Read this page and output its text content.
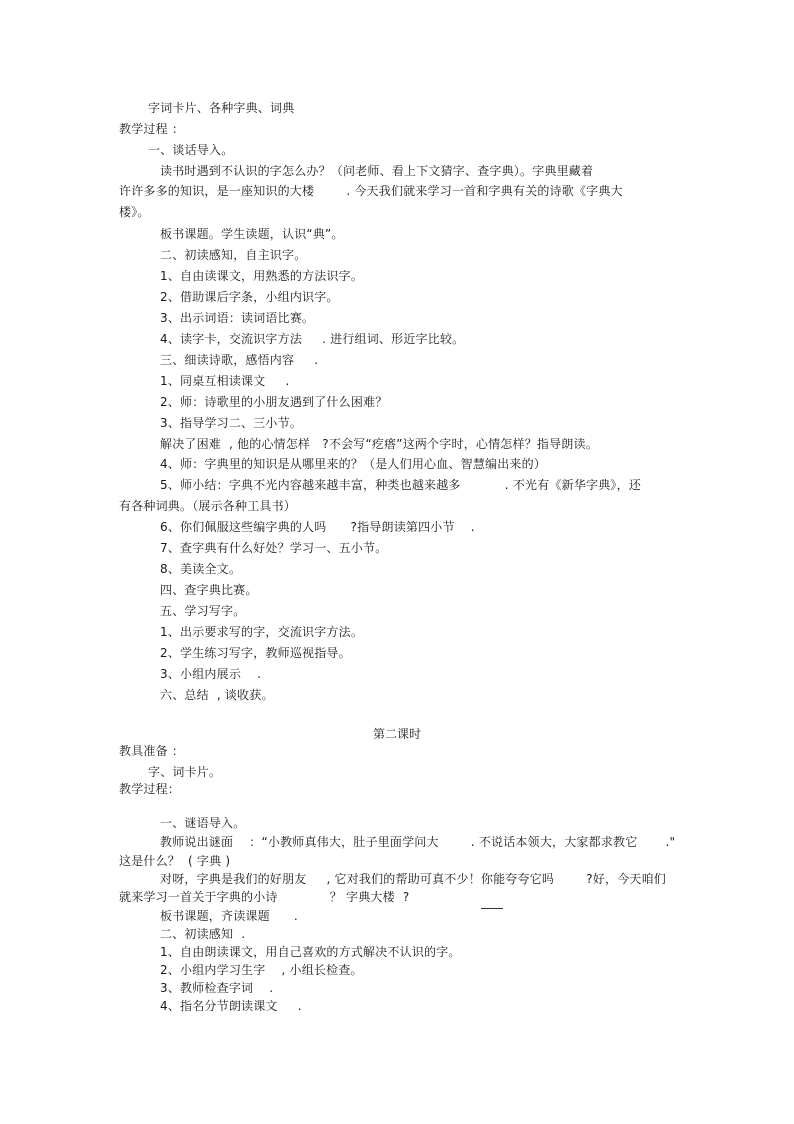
字词卡片、各种字典、词典
教学过程 ：
一、谈话导入。
读书时遇到不认识的字怎么办？（问老师、看上下文猜字、查字典）。字典里藏着
许许多多的知识，是一座知识的大楼        . 今天我们就来学习一首和字典有关的诗歌《字典大
楼》。
板书课题。学生读题，认识“典”。
二、初读感知，自主识字。
1、自由读课文，用熟悉的方法识字。
2、借助课后字条，小组内识字。
3、出示词语：读词语比赛。
4、读字卡，交流识字方法     . 进行组词、形近字比较。
三、细读诗歌，感悟内容     .
1、同桌互相读课文     .
2、师：诗歌里的小朋友遇到了什么困难？
3、指导学习二、三小节。
解决了困难  , 他的心情怎样   ?不会写“疙瘩”这两个字时，心情怎样？指导朗读。
4、师：字典里的知识是从哪里来的？（是人们用心血、智慧编出来的）
5、师小结：字典不光内容越来越丰富，种类也越来越多           . 不光有《新华字典》，还
有各种词典。（展示各种工具书）
6、你们佩服这些编字典的人吗      ?指导朗读第四小节    .
7、查字典有什么好处？学习一、五小节。
8、美读全文。
四、查字典比赛。
五、学习写字。
1、出示要求写的字，交流识字方法。
2、学生练习写字，教师巡视指导。
3、小组内展示    .
六、总结  , 谈收获。
第二课时
教具准备 ：
字、词卡片。
教学过程：
一、谜语导入。
教师说出谜面    ：“小教师真伟大，肚子里面学问大        . 不说话本领大，大家都求教它       ."
这是什么？  ( 字典 )
对呀，字典是我们的好朋友     , 它对我们的帮助可真不少！你能夸夸它吗        ?好，今天咱们
就来学习一首关于字典的小诗             ？ 字典大楼  ?
板书课题，齐读课题      .
二、初读感知  .
1、自由朗读课文，用自己喜欢的方式解决不认识的字。
2、小组内学习生字    , 小组长检查。
3、教师检查字词    .
4、指名分节朗读课文     .
